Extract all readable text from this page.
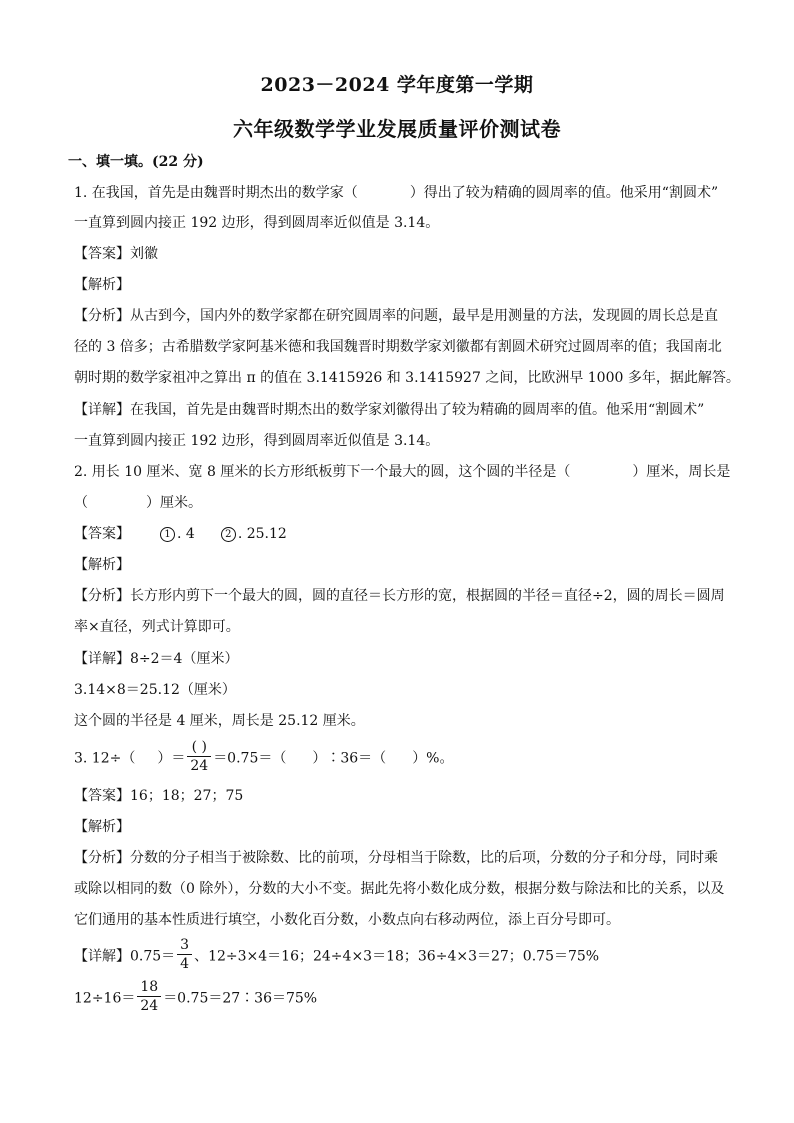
2023－2024 学年度第一学期
六年级数学学业发展质量评价测试卷
一、填一填。(22 分)
1. 在我国，首先是由魏晋时期杰出的数学家（	）得出了较为精确的圆周率的值。他采用“割圆术”
一直算到圆内接正 192 边形，得到圆周率近似值是 3.14。
【答案】刘徽
【解析】
【分析】从古到今，国内外的数学家都在研究圆周率的问题，最早是用测量的方法，发现圆的周长总是直
径的 3 倍多；古希腊数学家阿基米德和我国魏晋时期数学家刘徽都有割圆术研究过圆周率的值；我国南北
朝时期的数学家祖冲之算出 π 的值在 3.1415926 和 3.1415927 之间，比欧洲早 1000 多年，据此解答。
【详解】在我国，首先是由魏晋时期杰出的数学家刘徽得出了较为精确的圆周率的值。他采用“割圆术”
一直算到圆内接正 192 边形，得到圆周率近似值是 3.14。
2. 用长 10 厘米、宽 8 厘米的长方形纸板剪下一个最大的圆，这个圆的半径是（	）厘米，周长是
（	）厘米。
【答案】	1 . 4	2 . 25.12
【解析】
【分析】长方形内剪下一个最大的圆，圆的直径＝长方形的宽，根据圆的半径＝直径÷2，圆的周长＝圆周
率×直径，列式计算即可。
【详解】8÷2＝4（厘米）
3.14×8＝25.12（厘米）
这个圆的半径是 4 厘米，周长是 25.12 厘米。
3. 12÷（ ）＝ $\frac{( )}{24} =0.75=$（ ）∶36＝（ ）%。
【答案】16；18；27；75
【解析】
【分析】分数的分子相当于被除数、比的前项，分母相当于除数，比的后项，分数的分子和分母，同时乘
或除以相同的数（0 除外），分数的大小不变。据此先将小数化成分数，根据分数与除法和比的关系，以及
它们通用的基本性质进行填空，小数化百分数，小数点向右移动两位，添上百分号即可。
【详解】$0.75= \frac{3}{4}$ 、12÷3×4＝16；24÷4×3＝18；36÷4×3＝27；0.75＝75%
$12\div 16= \frac{18}{24}$ ＝0.75＝27∶36＝75%
